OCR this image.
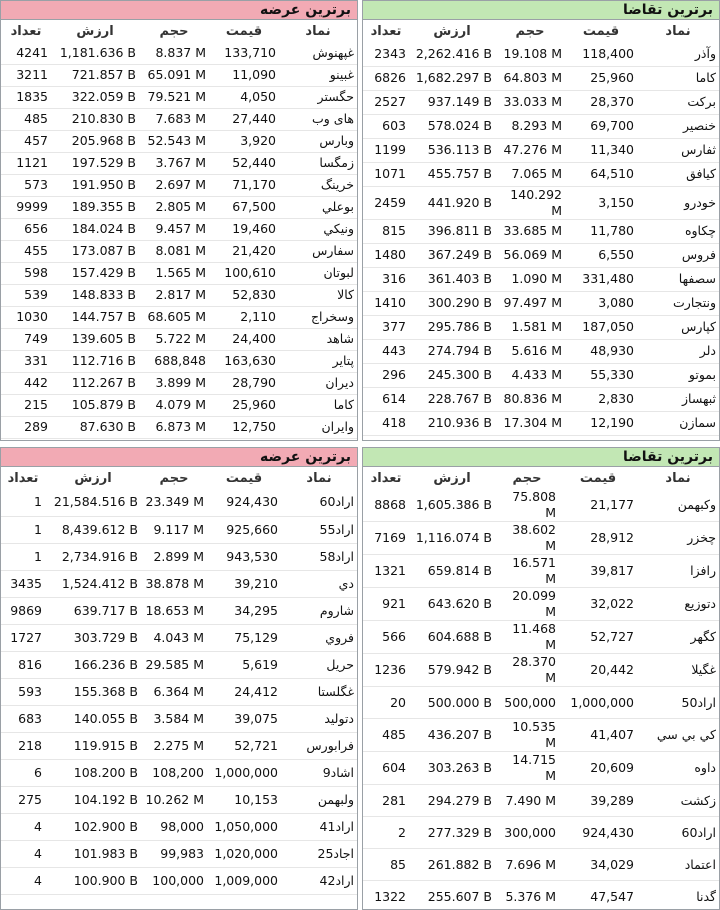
برترین عرضه
تعداد	ارزش	حجم	قیمت	نماد
4241	1,181.636 B	8.837 M	133,710	غپهنوش
3211	721.857 B	65.091 M	11,090	غبينو
1835	322.059 B	79.521 M	4,050	حگستر
485	210.830 B	7.683 M	27,440	های وب
457	205.968 B	52.543 M	3,920	وبارس
1121	197.529 B	3.767 M	52,440	زمگسا
573	191.950 B	2.697 M	71,170	خرينگ
9999	189.355 B	2.805 M	67,500	بوعلي
656	184.024 B	9.457 M	19,460	ونيكي
455	173.087 B	8.081 M	21,420	سفارس
598	157.429 B	1.565 M	100,610	لبوتان
539	148.833 B	2.817 M	52,830	كالا
1030	144.757 B	68.605 M	2,110	وسخراج
749	139.605 B	5.722 M	24,400	شاهد
331	112.716 B	688,848	163,630	پتاير
442	112.267 B	3.899 M	28,790	ديران
215	105.879 B	4.079 M	25,960	كاما
289	87.630 B	6.873 M	12,750	وايران
برترین تقاضا
تعداد	ارزش	حجم	قیمت	نماد
2343	2,262.416 B	19.108 M	118,400	وآذر
6826	1,682.297 B	64.803 M	25,960	كاما
2527	937.149 B	33.033 M	28,370	بركت
603	578.024 B	8.293 M	69,700	خنصير
1199	536.113 B	47.276 M	11,340	ثفارس
1071	455.757 B	7.065 M	64,510	كيافق
2459	441.920 B	140.292 M	3,150	خودرو
815	396.811 B	33.685 M	11,780	چكاوه
1480	367.249 B	56.069 M	6,550	فروس
316	361.403 B	1.090 M	331,480	سصفها
1410	300.290 B	97.497 M	3,080	ونتجارت
377	295.786 B	1.581 M	187,050	كپارس
443	274.794 B	5.616 M	48,930	دلر
296	245.300 B	4.433 M	55,330	بموتو
614	228.767 B	80.836 M	2,830	ثبهساز
418	210.936 B	17.304 M	12,190	سمازن
برترین عرضه
تعداد	ارزش	حجم	قیمت	نماد
1	21,584.516 B	23.349 M	924,430	اراد60
1	8,439.612 B	9.117 M	925,660	اراد55
1	2,734.916 B	2.899 M	943,530	اراد58
3435	1,524.412 B	38.878 M	39,210	دي
9869	639.717 B	18.653 M	34,295	شاروم
1727	303.729 B	4.043 M	75,129	فروي
816	166.236 B	29.585 M	5,619	حريل
593	155.368 B	6.364 M	24,412	غگلستا
683	140.055 B	3.584 M	39,075	دتوليد
218	119.915 B	2.275 M	52,721	فرابورس
6	108.200 B	108,200	1,000,000	اشاد9
275	104.192 B	10.262 M	10,153	ولبهمن
4	102.900 B	98,000	1,050,000	اراد41
4	101.983 B	99,983	1,020,000	اجاد25
4	100.900 B	100,000	1,009,000	اراد42
برترین تقاضا
تعداد	ارزش	حجم	قیمت	نماد
8868	1,605.386 B	75.808 M	21,177	وكبهمن
7169	1,116.074 B	38.602 M	28,912	چخزر
1321	659.814 B	16.571 M	39,817	رافزا
921	643.620 B	20.099 M	32,022	دتوزيع
566	604.688 B	11.468 M	52,727	كگهر
1236	579.942 B	28.370 M	20,442	غگيلا
20	500.000 B	500,000	1,000,000	اراد50
485	436.207 B	10.535 M	41,407	كي بي سي
604	303.263 B	14.715 M	20,609	داوه
281	294.279 B	7.490 M	39,289	زكشت
2	277.329 B	300,000	924,430	اراد60
85	261.882 B	7.696 M	34,029	اعتماد
1322	255.607 B	5.376 M	47,547	گدنا
